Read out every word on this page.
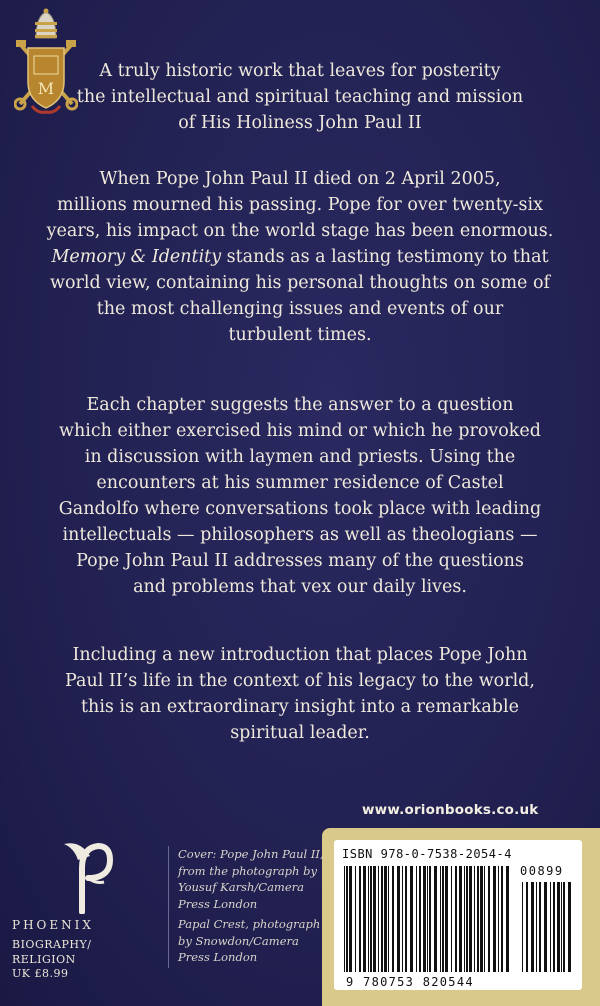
M

A truly historic work that leaves for posterity
the intellectual and spiritual teaching and mission
of His Holiness John Paul II

When Pope John Paul II died on 2 April 2005,
millions mourned his passing. Pope for over twenty-six
years, his impact on the world stage has been enormous.
Memory & Identity stands as a lasting testimony to that
world view, containing his personal thoughts on some of
the most challenging issues and events of our
turbulent times.

Each chapter suggests the answer to a question
which either exercised his mind or which he provoked
in discussion with laymen and priests. Using the
encounters at his summer residence of Castel
Gandolfo where conversations took place with leading
intellectuals — philosophers as well as theologians —
Pope John Paul II addresses many of the questions
and problems that vex our daily lives.

Including a new introduction that places Pope John
Paul II’s life in the context of his legacy to the world,
this is an extraordinary insight into a remarkable
spiritual leader.

www.orionbooks.co.uk
ISBN 978-0-7538-2054-4
00899
9 780753 820544

Cover: Pope John Paul II,
from the photograph by
Yousuf Karsh/Camera
Press London

Papal Crest, photograph
by Snowdon/Camera
Press London

PHOENIX
BIOGRAPHY/
RELIGION
UK £8.99
